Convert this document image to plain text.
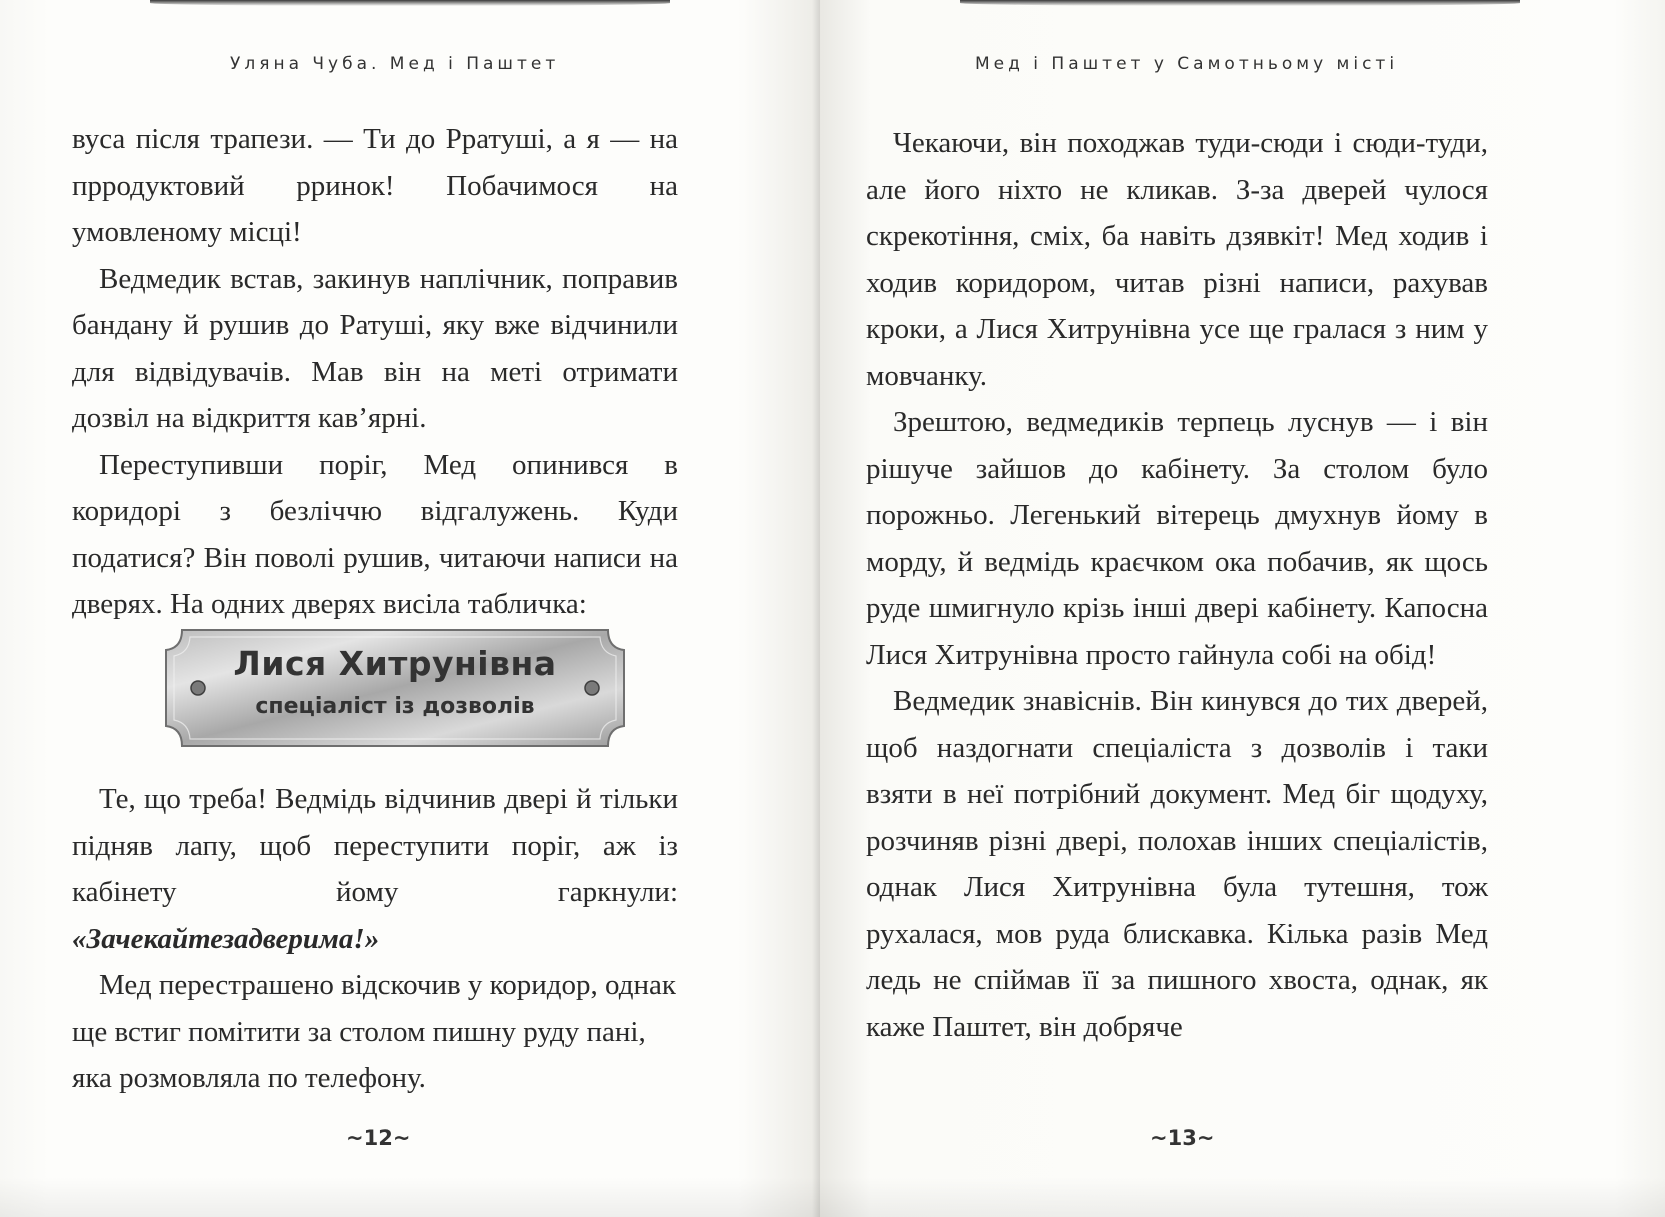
Уляна Чуба. Мед і Паштет

вуса після трапези. — Ти до Рратуші, а я — на прродуктовий рринок! Побачимося на умовленому місці!

Ведмедик встав, закинув наплічник, поправив бандану й рушив до Ратуші, яку вже відчинили для відвідувачів. Мав він на меті отримати дозвіл на відкриття кав’ярні.

Переступивши поріг, Мед опинився в коридорі з безліччю відгалужень. Куди податися? Він поволі рушив, читаючи написи на дверях. На одних дверях висіла табличка:

Лися Хитрунівна
спеціаліст із дозволів

Те, що треба! Ведмідь відчинив двері й тільки підняв лапу, щоб переступити поріг, аж із кабінету йому гаркнули: «Зачекайтезадверима!»

Мед перестрашено відскочив у коридор, однак ще встиг помітити за столом пишну руду пані, яка розмовляла по телефону.

~12~
Мед і Паштет у Самотньому місті

Чекаючи, він походжав туди-сюди і сюди-туди, але його ніхто не кликав. З-за дверей чулося скрекотіння, сміх, ба навіть дзявкіт! Мед ходив і ходив коридором, читав різні написи, рахував кроки, а Лися Хитрунівна усе ще гралася з ним у мовчанку.

Зрештою, ведмедиків терпець луснув — і він рішуче зайшов до кабінету. За столом було порожньо. Легенький вітерець дмухнув йому в морду, й ведмідь краєчком ока побачив, як щось руде шмигнуло крізь інші двері кабінету. Капосна Лися Хитрунівна просто гайнула собі на обід!

Ведмедик знавіснів. Він кинувся до тих дверей, щоб наздогнати спеціаліста з дозволів і таки взяти в неї потрібний документ. Мед біг щодуху, розчиняв різні двері, полохав інших спеціалістів, однак Лися Хитрунівна була тутешня, тож рухалася, мов руда блискавка. Кілька разів Мед ледь не спіймав її за пишного хвоста, однак, як каже Паштет, він добряче

~13~
